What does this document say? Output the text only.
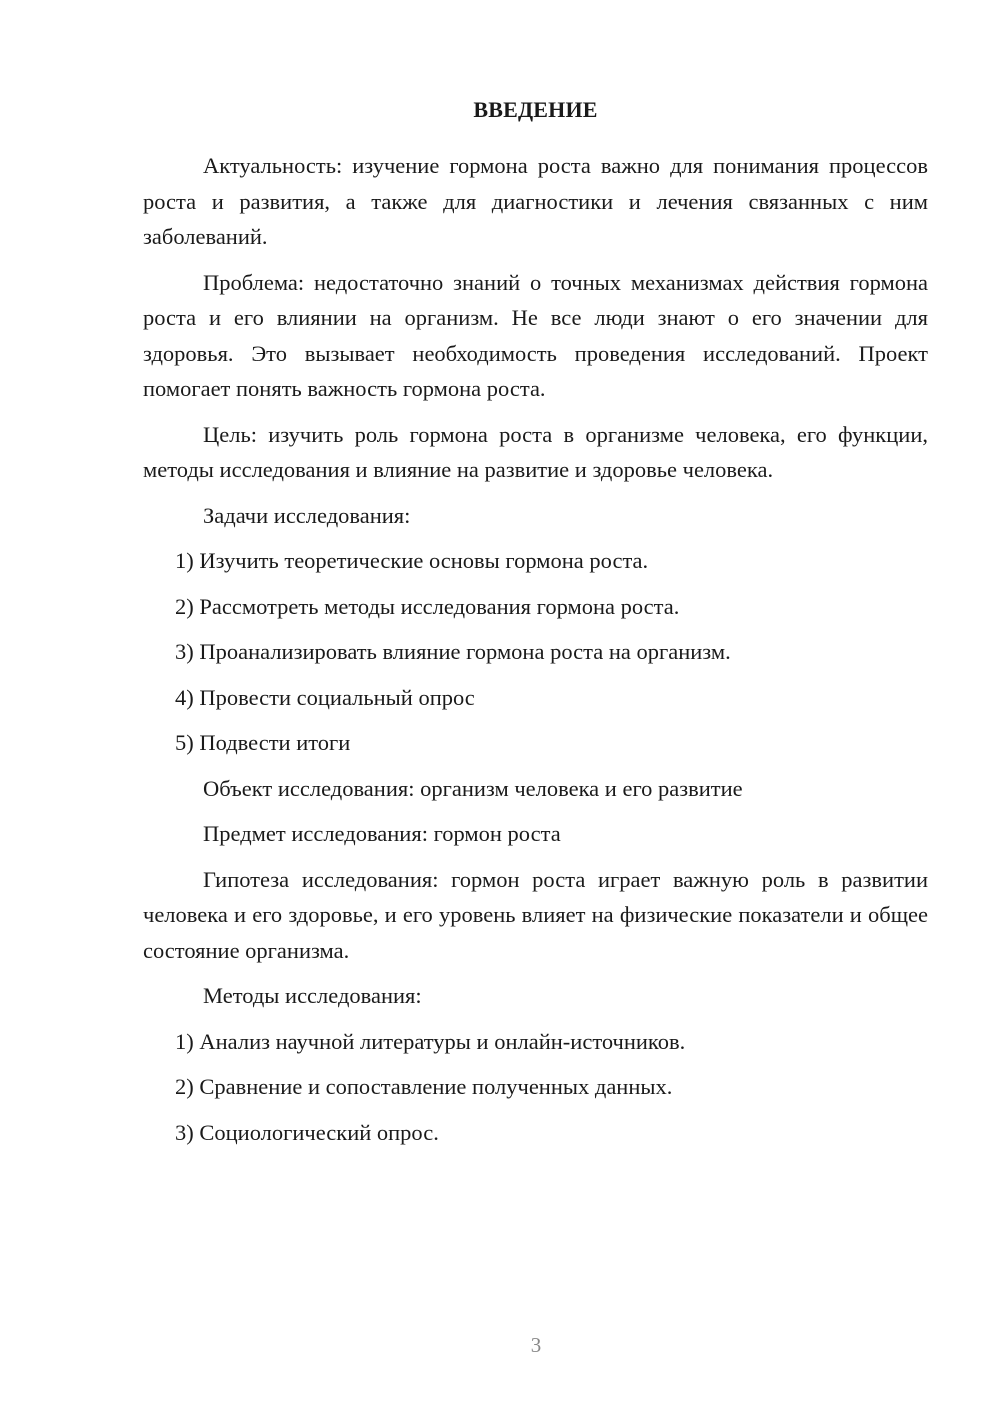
ВВЕДЕНИЕ

Актуальность: изучение гормона роста важно для понимания процессов роста и развития, а также для диагностики и лечения связанных с ним заболеваний.

Проблема: недостаточно знаний о точных механизмах действия гормона роста и его влиянии на организм. Не все люди знают о его значении для здоровья. Это вызывает необходимость проведения исследований. Проект помогает понять важность гормона роста.

Цель: изучить роль гормона роста в организме человека, его функции, методы исследования и влияние на развитие и здоровье человека.

Задачи исследования:
1) Изучить теоретические основы гормона роста.
2) Рассмотреть методы исследования гормона роста.
3) Проанализировать влияние гормона роста на организм.
4) Провести социальный опрос
5) Подвести итоги
Объект исследования: организм человека и его развитие
Предмет исследования: гормон роста

Гипотеза исследования: гормон роста играет важную роль в развитии человека и его здоровье, и его уровень влияет на физические показатели и общее состояние организма.

Методы исследования:
1) Анализ научной литературы и онлайн-источников.
2) Сравнение и сопоставление полученных данных.
3) Социологический опрос.
3
